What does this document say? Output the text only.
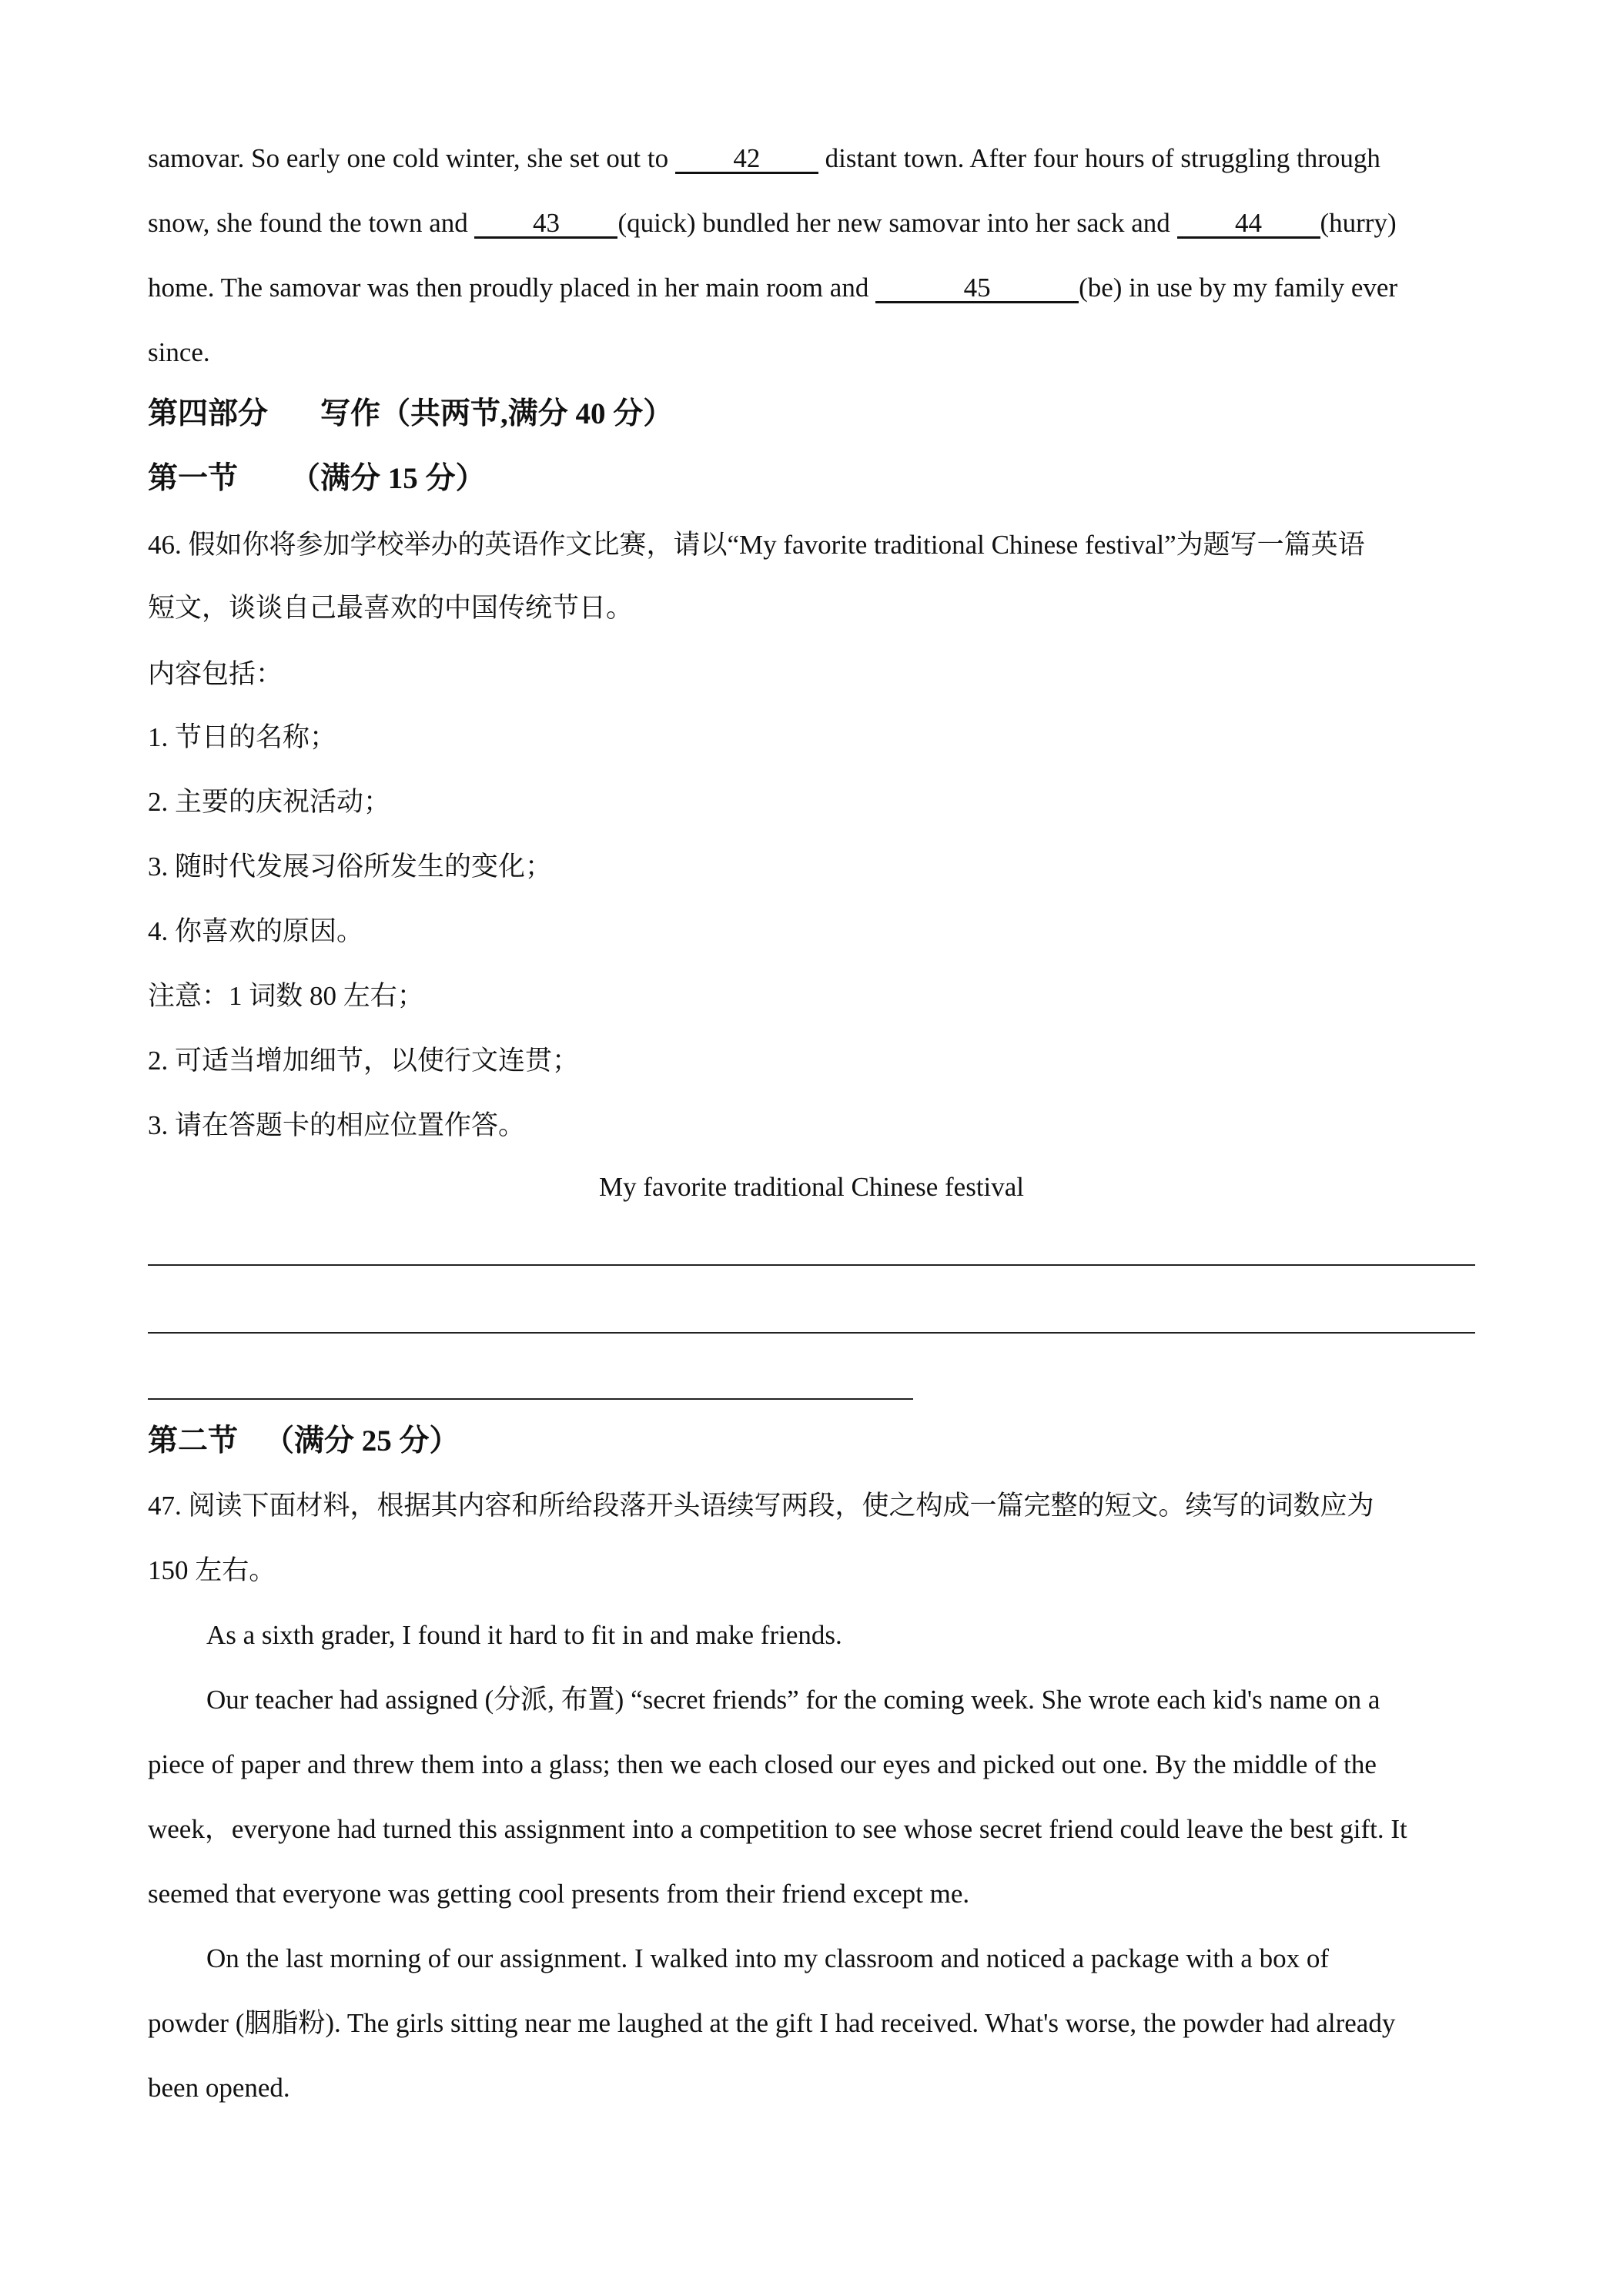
samovar. So early one cold winter, she set out to 42 distant town. After four hours of struggling through
snow, she found the town and 43 (quick) bundled her new samovar into her sack and 44 (hurry)
home. The samovar was then proudly placed in her main room and	45	(be) in use by my family ever
since.
第四部分 写作（共两节,满分 40 分）
第一节 （满分 15 分）
46. 假如你将参加学校举办的英语作文比赛，请以“My favorite traditional Chinese festival”为题写一篇英语
短文，谈谈自己最喜欢的中国传统节日。
内容包括：
1. 节日的名称；
2. 主要的庆祝活动；
3. 随时代发展习俗所发生的变化；
4. 你喜欢的原因。
注意：1 词数 80 左右；
2. 可适当增加细节，以使行文连贯；
3. 请在答题卡的相应位置作答。
My favorite traditional Chinese festival
第二节 （满分 25 分）
47. 阅读下面材料，根据其内容和所给段落开头语续写两段，使之构成一篇完整的短文。续写的词数应为
150 左右。
As a sixth grader, I found it hard to fit in and make friends.
Our teacher had assigned (分派, 布置) “secret friends” for the coming week. She wrote each kid's name on a
piece of paper and threw them into a glass; then we each closed our eyes and picked out one. By the middle of the
week，everyone had turned this assignment into a competition to see whose secret friend could leave the best gift. It
seemed that everyone was getting cool presents from their friend except me.
On the last morning of our assignment. I walked into my classroom and noticed a package with a box of
powder (胭脂粉). The girls sitting near me laughed at the gift I had received. What's worse, the powder had already
been opened.
